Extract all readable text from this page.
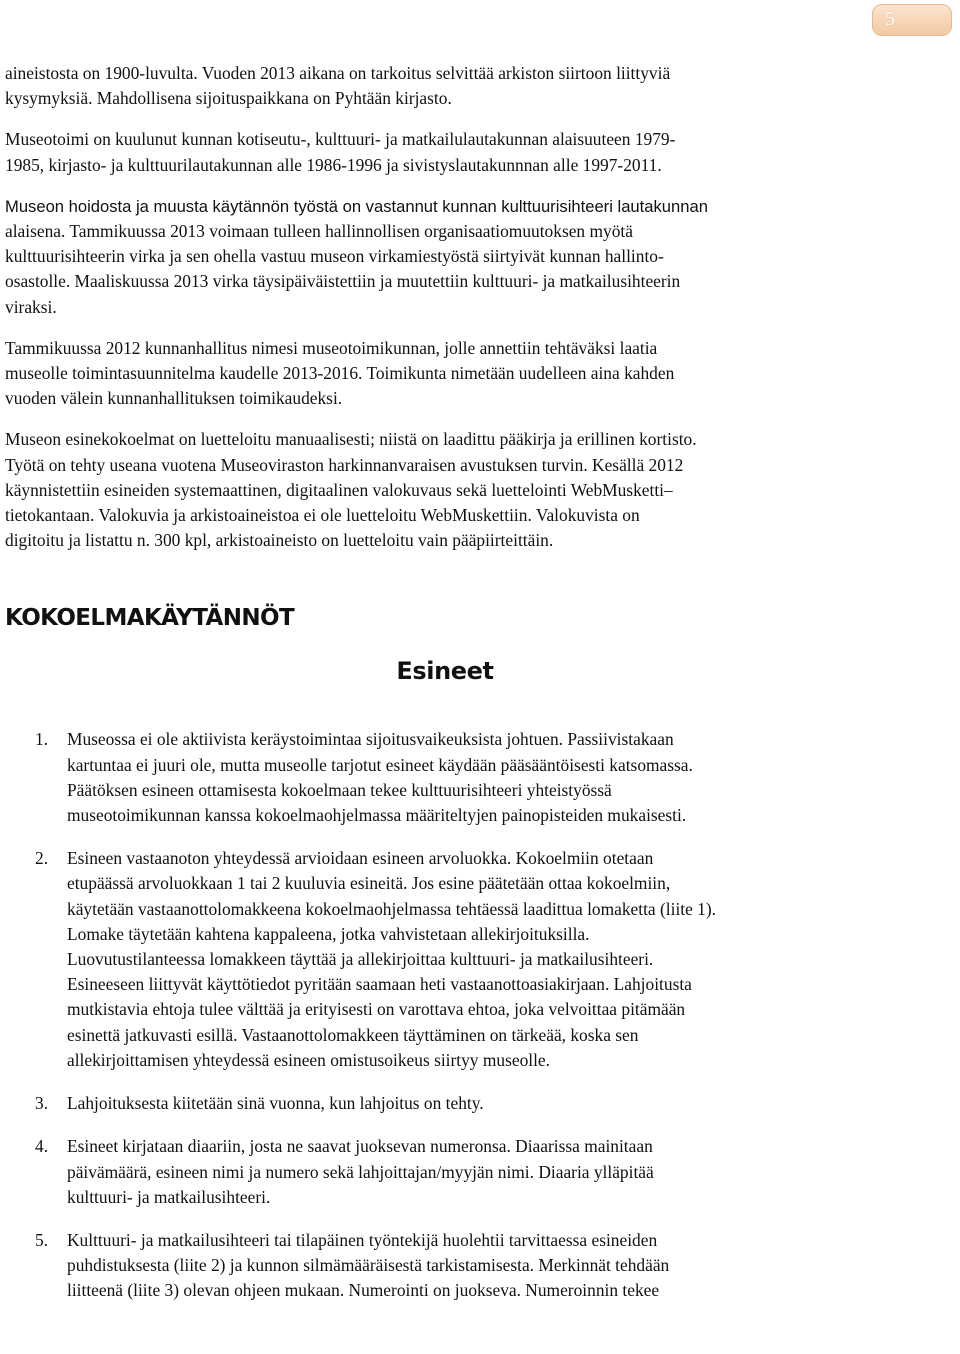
5

aineistosta on 1900-luvulta. Vuoden 2013 aikana on tarkoitus selvittää arkiston siirtoon liittyviä

kysymyksiä. Mahdollisena sijoituspaikkana on Pyhtään kirjasto.

Museotoimi on kuulunut kunnan kotiseutu-, kulttuuri- ja matkailulautakunnan alaisuuteen 1979-

1985, kirjasto- ja kulttuurilautakunnan alle 1986-1996 ja sivistyslautakunnnan alle 1997-2011.

Museon hoidosta ja muusta käytännön työstä on vastannut kunnan kulttuurisihteeri lautakunnan

alaisena. Tammikuussa 2013 voimaan tulleen hallinnollisen organisaatiomuutoksen myötä

kulttuurisihteerin virka ja sen ohella vastuu museon virkamiestyöstä siirtyivät kunnan hallinto-

osastolle. Maaliskuussa 2013 virka täysipäiväistettiin ja muutettiin kulttuuri- ja matkailusihteerin

viraksi.

Tammikuussa 2012 kunnanhallitus nimesi museotoimikunnan, jolle annettiin tehtäväksi laatia

museolle toimintasuunnitelma kaudelle 2013-2016. Toimikunta nimetään uudelleen aina kahden

vuoden välein kunnanhallituksen toimikaudeksi.

Museon esinekokoelmat on luetteloitu manuaalisesti; niistä on laadittu pääkirja ja erillinen kortisto.

Työtä on tehty useana vuotena Museoviraston harkinnanvaraisen avustuksen turvin. Kesällä 2012

käynnistettiin esineiden systemaattinen, digitaalinen valokuvaus sekä luettelointi WebMusketti–

tietokantaan. Valokuvia ja arkistoaineistoa ei ole luetteloitu WebMuskettiin. Valokuvista on

digitoitu ja listattu n. 300 kpl, arkistoaineisto on luetteloitu vain pääpiirteittäin.

KOKOELMAKÄYTÄNNÖT
Esineet
1. Museossa ei ole aktiivista keräystoimintaa sijoitusvaikeuksista johtuen. Passiivistakaan

kartuntaa ei juuri ole, mutta museolle tarjotut esineet käydään pääsääntöisesti katsomassa.

Päätöksen esineen ottamisesta kokoelmaan tekee kulttuurisihteeri yhteistyössä

museotoimikunnan kanssa kokoelmaohjelmassa määriteltyjen painopisteiden mukaisesti.

2. Esineen vastaanoton yhteydessä arvioidaan esineen arvoluokka. Kokoelmiin otetaan

etupäässä arvoluokkaan 1 tai 2 kuuluvia esineitä. Jos esine päätetään ottaa kokoelmiin,

käytetään vastaanottolomakkeena kokoelmaohjelmassa tehtäessä laadittua lomaketta (liite 1).

Lomake täytetään kahtena kappaleena, jotka vahvistetaan allekirjoituksilla.

Luovutustilanteessa lomakkeen täyttää ja allekirjoittaa kulttuuri- ja matkailusihteeri.

Esineeseen liittyvät käyttötiedot pyritään saamaan heti vastaanottoasiakirjaan. Lahjoitusta

mutkistavia ehtoja tulee välttää ja erityisesti on varottava ehtoa, joka velvoittaa pitämään

esinettä jatkuvasti esillä. Vastaanottolomakkeen täyttäminen on tärkeää, koska sen

allekirjoittamisen yhteydessä esineen omistusoikeus siirtyy museolle.

3. Lahjoituksesta kiitetään sinä vuonna, kun lahjoitus on tehty.

4. Esineet kirjataan diaariin, josta ne saavat juoksevan numeronsa. Diaarissa mainitaan

päivämäärä, esineen nimi ja numero sekä lahjoittajan/myyjän nimi. Diaaria ylläpitää

kulttuuri- ja matkailusihteeri.

5. Kulttuuri- ja matkailusihteeri tai tilapäinen työntekijä huolehtii tarvittaessa esineiden

puhdistuksesta (liite 2) ja kunnon silmämääräisestä tarkistamisesta. Merkinnät tehdään

liitteenä (liite 3) olevan ohjeen mukaan. Numerointi on juokseva. Numeroinnin tekee
